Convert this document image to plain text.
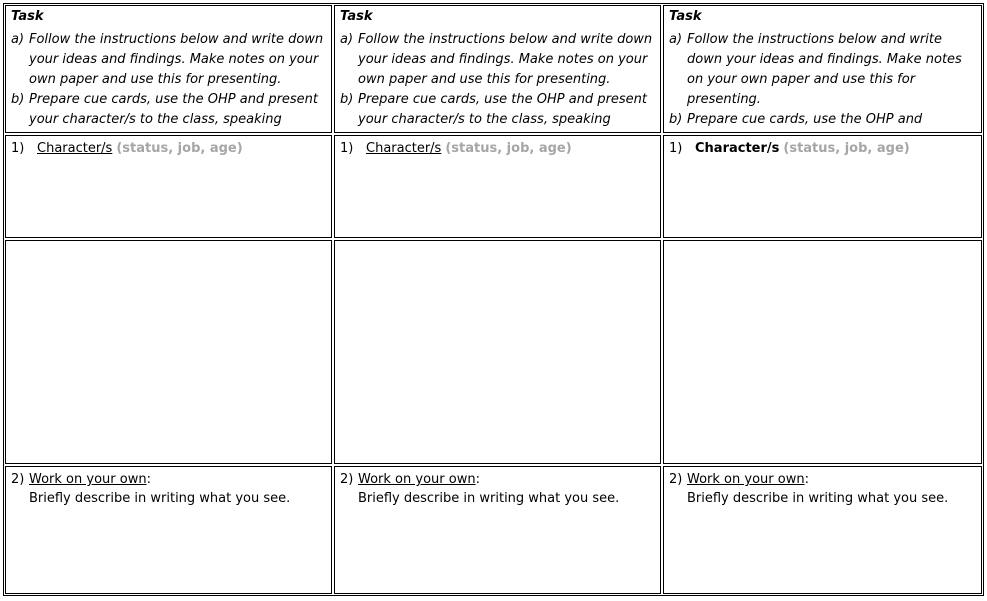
Task
a) Follow the instructions below and write down your ideas and findings. Make notes on your own paper and use this for presenting.
b) Prepare cue cards, use the OHP and present your character/s to the class, speaking
Task
a) Follow the instructions below and write down your ideas and findings. Make notes on your own paper and use this for presenting.
b) Prepare cue cards, use the OHP and present your character/s to the class, speaking
Task
a) Follow the instructions below and write down your ideas and findings. Make notes on your own paper and use this for presenting.
b) Prepare cue cards, use the OHP and
1) Character/s (status, job, age)	1) Character/s (status, job, age)	1) Character/s (status, job, age)
2) Work on your own :
Briefly describe in writing what you see.
2) Work on your own :
Briefly describe in writing what you see.
2) Work on your own :
Briefly describe in writing what you see.
